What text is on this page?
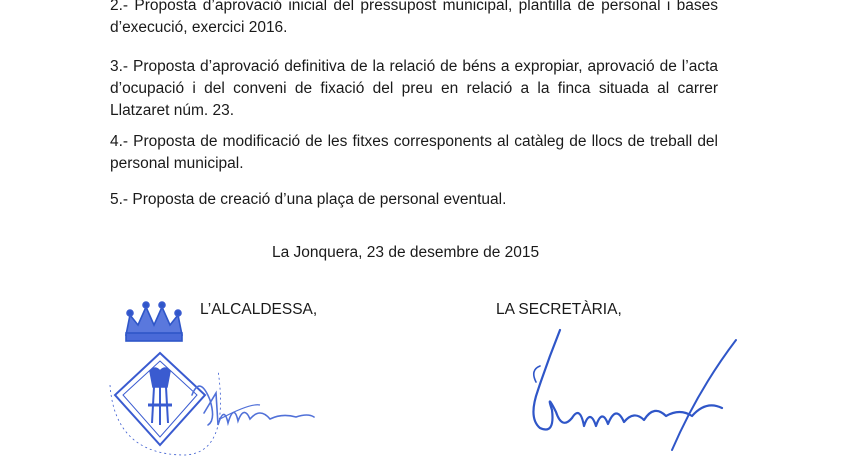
2.- Proposta d’aprovació inicial del pressupost municipal, plantilla de personal i bases d’execució, exercici 2016.
3.- Proposta d’aprovació definitiva de la relació de béns a expropiar, aprovació de l’acta d’ocupació i del conveni de fixació del preu en relació a la finca situada al carrer Llatzaret núm. 23.
4.- Proposta de modificació de les fitxes corresponents al catàleg de llocs de treball del personal municipal.
5.- Proposta de creació d’una plaça de personal eventual.
La Jonquera, 23 de desembre de 2015
L’ALCALDESSA,	LA SECRETÀRIA,
